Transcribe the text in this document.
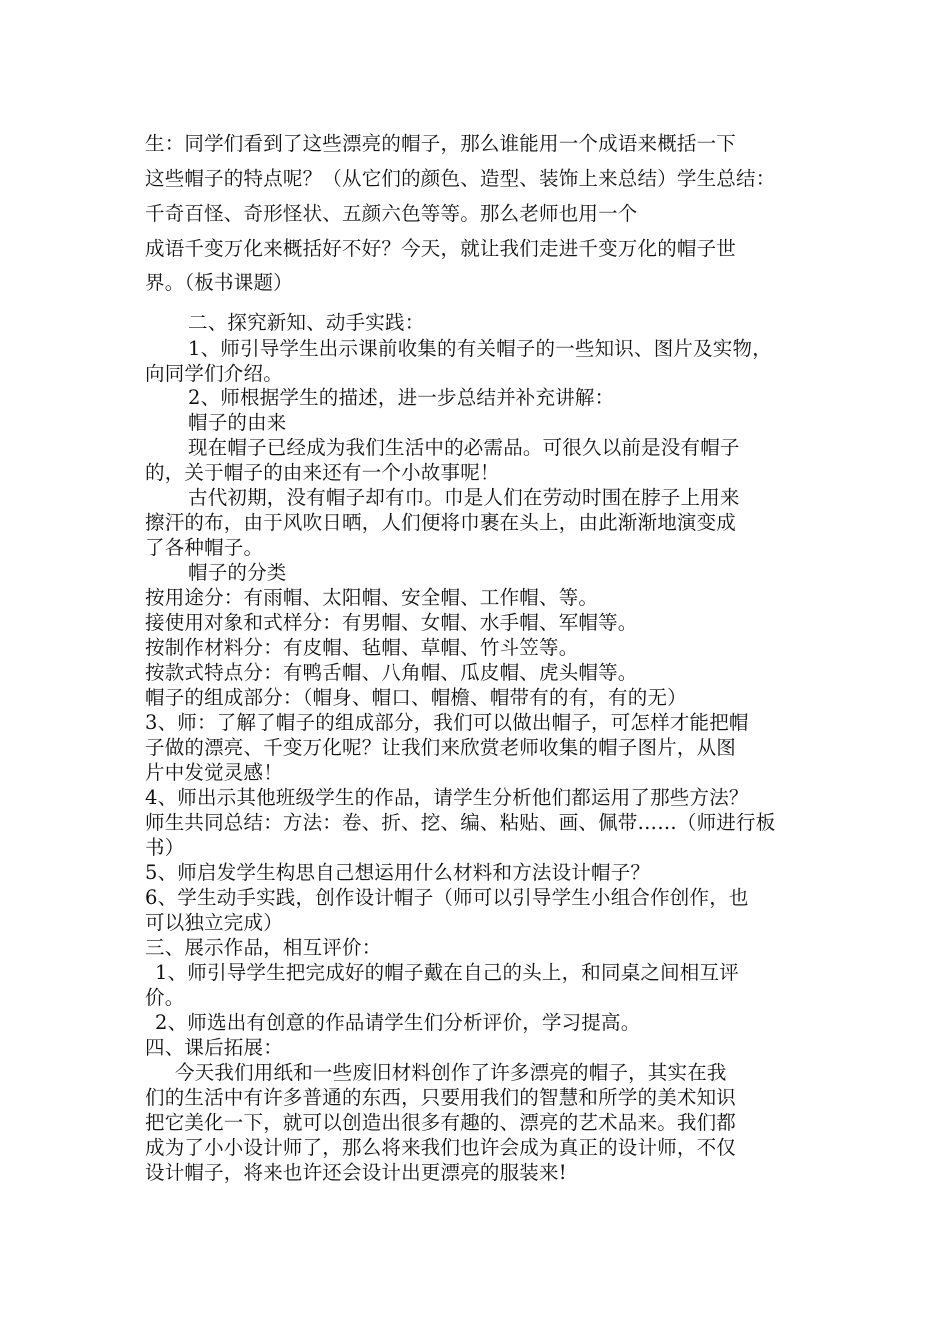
生：同学们看到了这些漂亮的帽子，那么谁能用一个成语来概括一下
这些帽子的特点呢？（从它们的颜色、造型、装饰上来总结）学生总结：
千奇百怪、奇形怪状、五颜六色等等。那么老师也用一个
成语千变万化来概括好不好？今天，就让我们走进千变万化的帽子世
界。（板书课题）
二、探究新知、动手实践：
1、师引导学生出示课前收集的有关帽子的一些知识、图片及实物，
向同学们介绍。
2、师根据学生的描述，进一步总结并补充讲解：
帽子的由来
现在帽子已经成为我们生活中的必需品。可很久以前是没有帽子
的，关于帽子的由来还有一个小故事呢！
古代初期，没有帽子却有巾。巾是人们在劳动时围在脖子上用来
擦汗的布，由于风吹日晒，人们便将巾裹在头上，由此渐渐地演变成
了各种帽子。
帽子的分类
按用途分：有雨帽、太阳帽、安全帽、工作帽、等。
接使用对象和式样分：有男帽、女帽、水手帽、军帽等。
按制作材料分：有皮帽、毡帽、草帽、竹斗笠等。
按款式特点分：有鸭舌帽、八角帽、瓜皮帽、虎头帽等。
帽子的组成部分：（帽身、帽口、帽檐、帽带有的有，有的无）
3、师：了解了帽子的组成部分，我们可以做出帽子，可怎样才能把帽
子做的漂亮、千变万化呢？让我们来欣赏老师收集的帽子图片，从图
片中发觉灵感！
4、师出示其他班级学生的作品，请学生分析他们都运用了那些方法？
师生共同总结：方法：卷、折、挖、编、粘贴、画、佩带……（师进行板
书）
5、师启发学生构思自己想运用什么材料和方法设计帽子？
6、学生动手实践，创作设计帽子（师可以引导学生小组合作创作，也
可以独立完成）
三、展示作品，相互评价：
1、师引导学生把完成好的帽子戴在自己的头上，和同桌之间相互评
价。
2、师选出有创意的作品请学生们分析评价，学习提高。
四、课后拓展：
今天我们用纸和一些废旧材料创作了许多漂亮的帽子，其实在我
们的生活中有许多普通的东西，只要用我们的智慧和所学的美术知识
把它美化一下，就可以创造出很多有趣的、漂亮的艺术品来。我们都
成为了小小设计师了，那么将来我们也许会成为真正的设计师，不仅
设计帽子，将来也许还会设计出更漂亮的服装来!
